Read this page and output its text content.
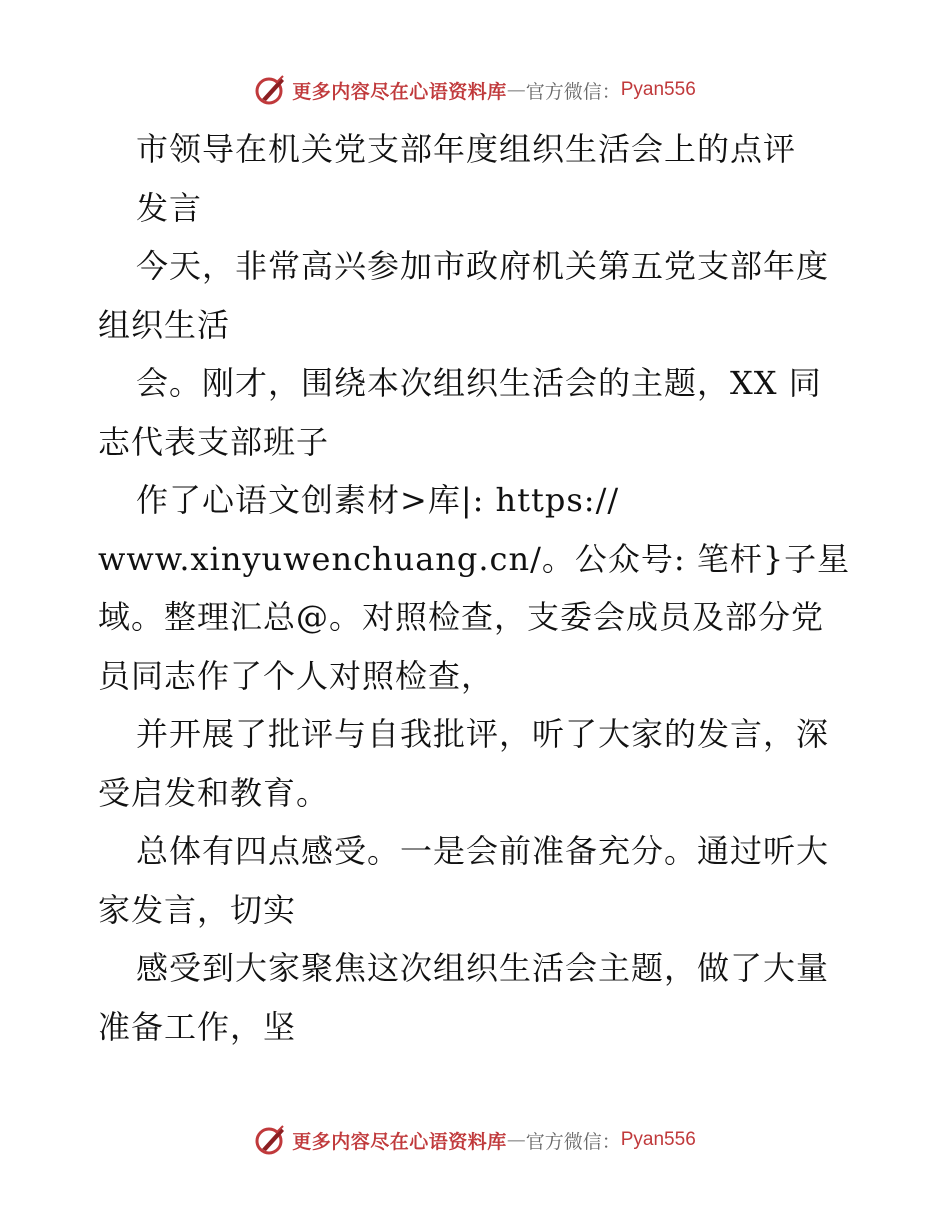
更多内容尽在心语资料库 — 官方微信： Pyan556
市领导在机关党支部年度组织生活会上的点评
发言
今天，非常高兴参加市政府机关第五党支部年度
组织生活
会。刚才，围绕本次组织生活会的主题，XX 同
志代表支部班子
作了心语文创素材>库|: https://
www.xinyuwenchuang.cn/。公众号: 笔杆}子星
域。整理汇总@。对照检查，支委会成员及部分党
员同志作了个人对照检查，
并开展了批评与自我批评，听了大家的发言，深
受启发和教育。
总体有四点感受。一是会前准备充分。通过听大
家发言，切实
感受到大家聚焦这次组织生活会主题，做了大量
准备工作，坚
更多内容尽在心语资料库 — 官方微信： Pyan556
